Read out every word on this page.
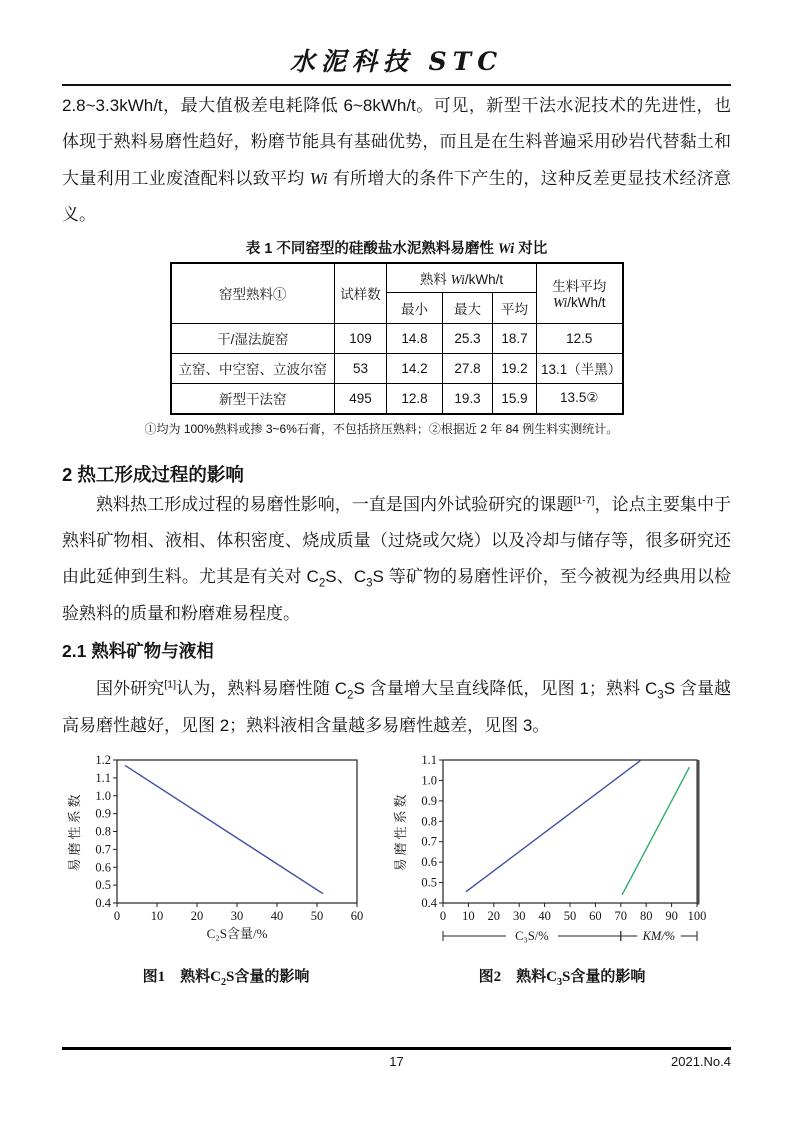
水泥科技 STC

2.8~3.3kWh/t，最大值极差电耗降低 6~8kWh/t。可见，新型干法水泥技术的先进性，也体现于熟料易磨性趋好，粉磨节能具有基础优势，而且是在生料普遍采用砂岩代替黏土和大量利用工业废渣配料以致平均 Wi 有所增大的条件下产生的，这种反差更显技术经济意义。

表 1 不同窑型的硅酸盐水泥熟料易磨性 Wi 对比
窑型熟料①	试样数	熟料 Wi/kWh/t			生料平均
Wi/kWh/t

		最小	最大	平均	
干/湿法旋窑	109	14.8	25.3	18.7	12.5
立窑、中空窑、立波尔窑	53	14.2	27.8	19.2	13.1（半黑）
新型干法窑	495	12.8	19.3	15.9	13.5②
①均为 100%熟料或掺 3~6%石膏，不包括挤压熟料；②根据近 2 年 84 例生料实测统计。
2 热工形成过程的影响

熟料热工形成过程的易磨性影响，一直是国内外试验研究的课题[1-7]，论点主要集中于熟料矿物相、液相、体积密度、烧成质量（过烧或欠烧）以及冷却与储存等，很多研究还由此延伸到生料。尤其是有关对 $C_2S$、$C_3S$ 等矿物的易磨性评价，至今被视为经典用以检验熟料的质量和粉磨难易程度。

2.1 熟料矿物与液相

国外研究[1]认为，熟料易磨性随 $C_2S$ 含量增大呈直线降低，见图 1；熟料 $C_3S$ 含量越高易磨性越好，见图 2；熟料液相含量越多易磨性越差，见图 3。

0.4
0.5
0.6
0.7
0.8
0.9
1.0
1.1
1.2
0 10 20 30 40 50 60
易磨性系数
C₂S含量/%
图1　熟料$C_2S$含量的影响
0.4
0.5
0.6
0.7
0.8
0.9
1.0
1.1
0 10 20 30 40 50 60 70 80 90 100
易磨性系数
C₃S/%	KM/%
图2　熟料$C_3S$含量的影响
17	2021.No.4
